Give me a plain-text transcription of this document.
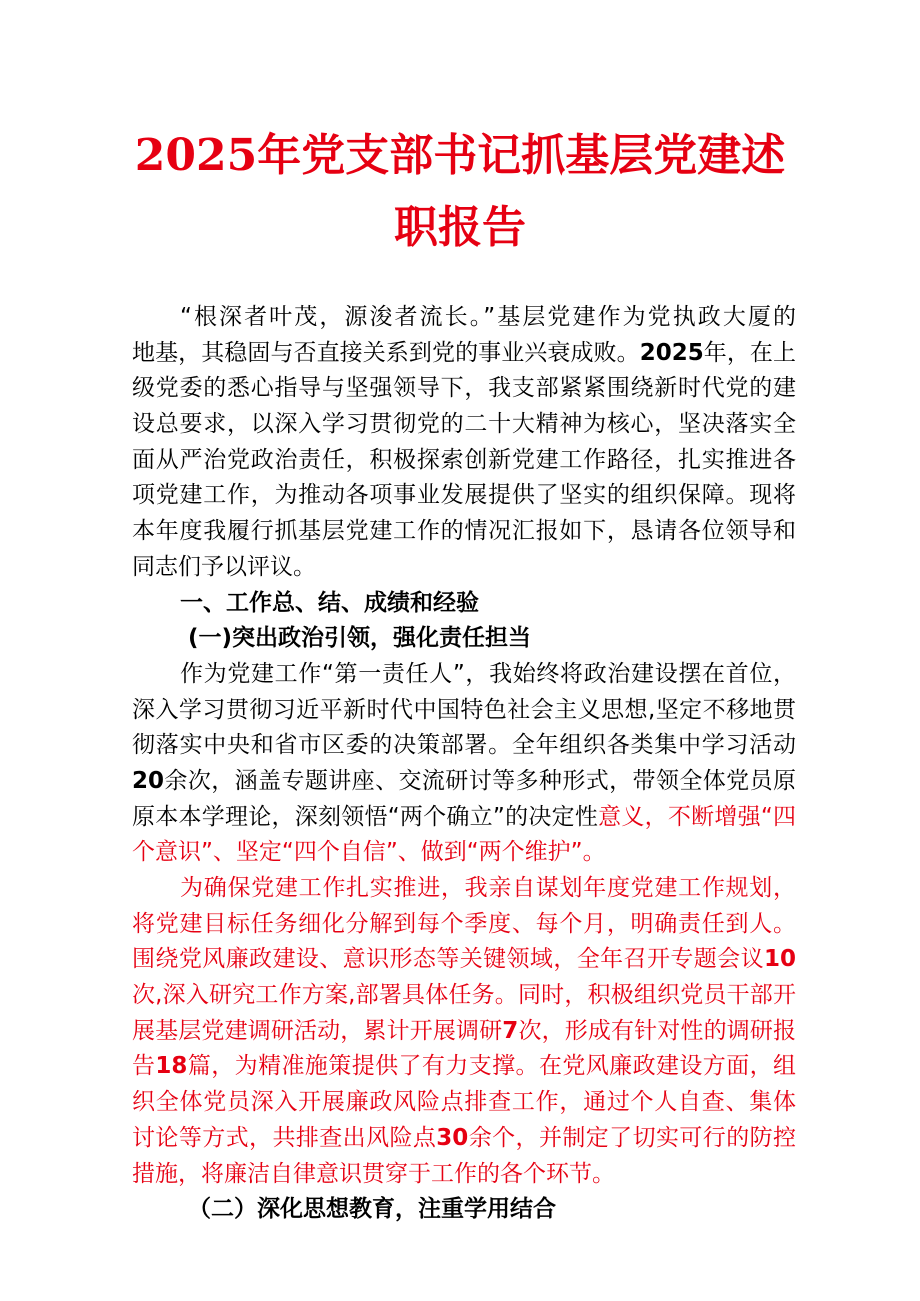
2025年党支部书记抓基层党建述
职报告
“根深者叶茂，源浚者流长。”基层党建作为党执政大厦的
地基，其稳固与否直接关系到党的事业兴衰成败。2025年，在上
级党委的悉心指导与坚强领导下，我支部紧紧围绕新时代党的建
设总要求，以深入学习贯彻党的二十大精神为核心，坚决落实全
面从严治党政治责任，积极探索创新党建工作路径，扎实推进各
项党建工作，为推动各项事业发展提供了坚实的组织保障。现将
本年度我履行抓基层党建工作的情况汇报如下，恳请各位领导和
同志们予以评议。
一、工作总、结、成绩和经验
(一)突出政治引领，强化责任担当
作为党建工作“第一责任人”，我始终将政治建设摆在首位，
深入学习贯彻习近平新时代中国特色社会主义思想,坚定不移地贯
彻落实中央和省市区委的决策部署。全年组织各类集中学习活动
20余次，涵盖专题讲座、交流研讨等多种形式，带领全体党员原
原本本学理论，深刻领悟“两个确立”的决定性意义，不断增强“四
个意识”、坚定“四个自信”、做到“两个维护”。
为确保党建工作扎实推进，我亲自谋划年度党建工作规划，
将党建目标任务细化分解到每个季度、每个月，明确责任到人。
围绕党风廉政建设、意识形态等关键领域，全年召开专题会议10
次,深入研究工作方案,部署具体任务。同时，积极组织党员干部开
展基层党建调研活动，累计开展调研7次，形成有针对性的调研报
告18篇，为精准施策提供了有力支撑。在党风廉政建设方面，组
织全体党员深入开展廉政风险点排查工作，通过个人自查、集体
讨论等方式，共排查出风险点30余个，并制定了切实可行的防控
措施，将廉洁自律意识贯穿于工作的各个环节。
（二）深化思想教育，注重学用结合
